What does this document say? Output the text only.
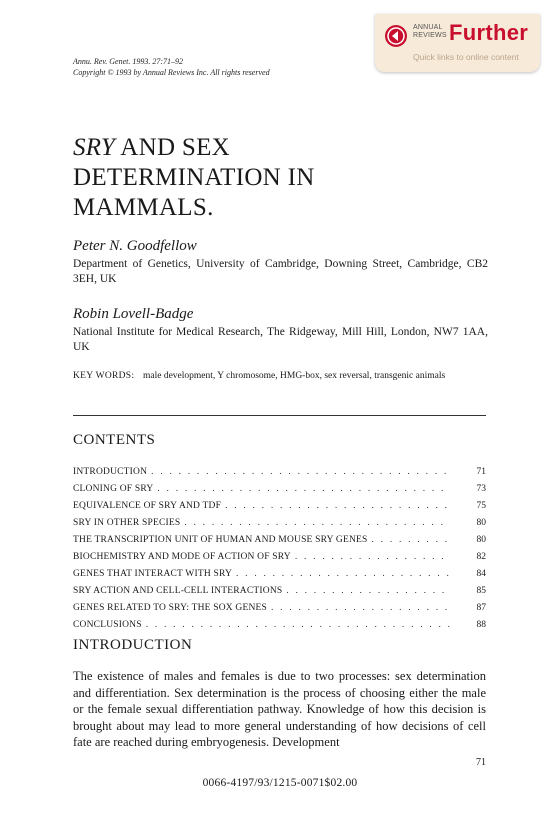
ANNUAL
REVIEWS Further
Quick links to online content
Annu. Rev. Genet. 1993. 27:71–92
Copyright © 1993 by Annual Reviews Inc. All rights reserved
SRY AND SEX
DETERMINATION IN
MAMMALS.
Peter N. Goodfellow
Department of Genetics, University of Cambridge, Downing Street, Cambridge, CB2 3EH, UK
Robin Lovell-Badge
National Institute for Medical Research, The Ridgeway, Mill Hill, London, NW7 1AA, UK
KEY WORDS: male development, Y chromosome, HMG-box, sex reversal, transgenic animals
CONTENTS
INTRODUCTION . . .	71
CLONING OF SRY . . .	73
EQUIVALENCE OF SRY AND TDF . . .	75
SRY IN OTHER SPECIES . . .	80
THE TRANSCRIPTION UNIT OF HUMAN AND MOUSE SRY GENES . . .	80
BIOCHEMISTRY AND MODE OF ACTION OF SRY . . .	82
GENES THAT INTERACT WITH SRY . . .	84
SRY ACTION AND CELL-CELL INTERACTIONS . . .	85
GENES RELATED TO SRY: THE SOX GENES . . .	87
CONCLUSIONS . . .	88
INTRODUCTION
The existence of males and females is due to two processes: sex determination and differentiation. Sex determination is the process of choosing either the male or the female sexual differentiation pathway. Knowledge of how this decision is brought about may lead to more general understanding of how decisions of cell fate are reached during embryogenesis. Development
71
0066-4197/93/1215-0071$02.00
